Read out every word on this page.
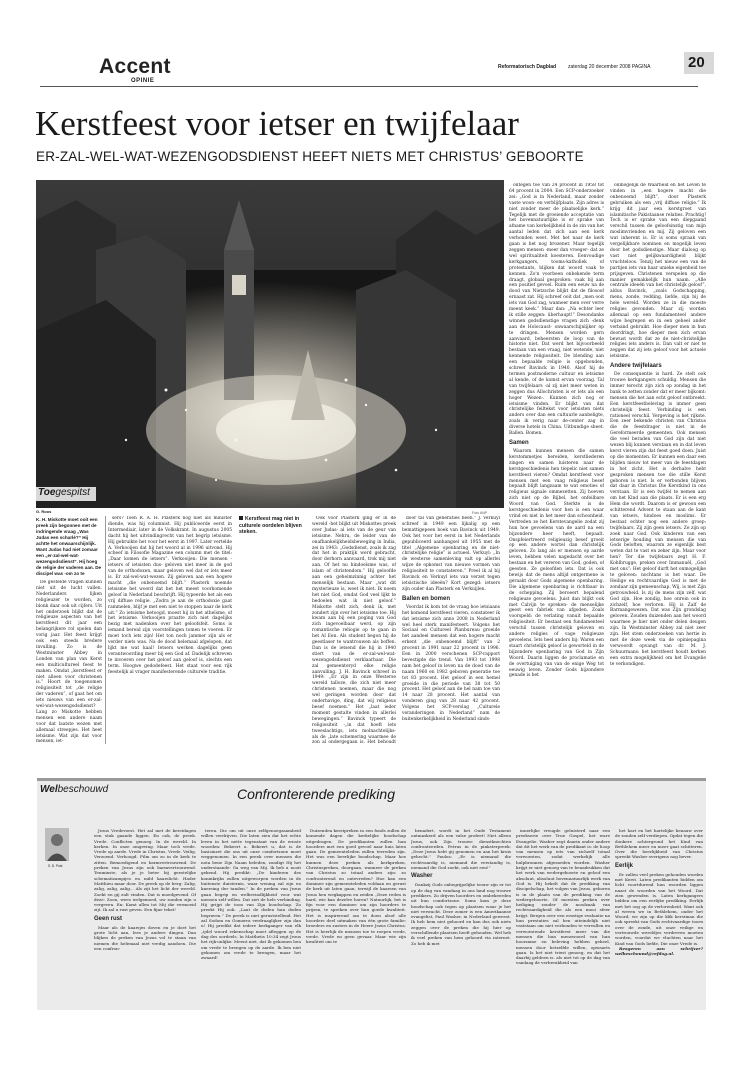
Accent
OPINIE
Reformatorisch Dagblad zaterdag 20 december 2008 PAGINA	20
Kerstfeest voor ietser en twijfelaar
ER-ZAL-WEL-WAT-WEZENGODSDIENST HEEFT NIETS MET CHRISTUS’ GEBOORTE
Foto ANP
Toegespitst
G. Roos
K. H. Miskotte moet ooit een preek zijn begonnen met de indringende vraag „Was Judas een scharlé?” Hij achtte het onwaarschijnlijk. Want Judas had niet zomaar een „er-zal-wel-wat-wezengodsdienst”. Hij hoeg de religie der vaderen aan. De discipel was -om zo te

De gestelde vragen kunnen niet uit de lucht vallen. Nederlanders lijken religieuzer te worden, zo blonk daar ook uit cijfers. Uit het onderzoek blijkt dat de religieuze aspecten van het kerstfeest dit jaar een belangrijkere rol spelen dan vorig jaar. Het feest krijgt ook een steeds bredere invulling. Zo is de Westminster Abbey in Londen van plan van Kerst een multicultureel feest te maken. Omdat „kerstfeest er niet alleen voor christenen is.” Hoort de toegenomen religiositeit tot „de religie der vaderen”, of gaat het om iets nieuws van een er-zal-wel-wat-wezengodsdienst? Lang zo Miskotte hebben mensen een andere naam voor dat laatste wezen met allemaal streepjes. Het heet ietsisme. Wat zijn dat voor mensen, iet-

sers? Toen R. A. H. Plasterk nog niet als minister diende, was hij columnist. Hij publiceerde eerst in Intermediair, later in de Volkskrant. In augustus 2005 dacht hij het uitvindingrecht van het begrip ietsisme. Hij gebruikte het voor het eerst in 1997. Later vertelde A. Verkooijen dat hij het woord al in 1996 uitvond. Hij scheef in Filosofie Magazine een column met de titel: „Daar komen de ietsers”. Verkooijen: Die mensen -ietsers of ietsisten dus- geloven niet meer in de god van de orthodoxen, maar geloven wel dat er iets meer is. Er zal-wel-wat-wezen. Zij geloven aan een hogere macht „die onbenoemd blijft.” Plasterk noemde ietsisme het woord dat het het meest voorkomende geloof in Nederland beschrijft. Hij typeerde het als een vrij diffuse religie. „Zodra je aan de orthodoxie gaat rammelen, blijf je met een niet te stoppen naar de kerk uit.” Zo ietsisme betoogd, moest hij in het atheïsme, of het ietsisme. Verkooijen praatte zich niet dagelijks bezig met nadenken over het geloofsfeit. Soms is iemand bereid zijn voorstellingen tomen te voeren. Er moet toch iets zijn! Het ton noch jammer zijn als er verder niets was. Na de dood helemaal afgelopen, dat lijkt me wat kaal! Ietsers werken dagelijks geen verantwoording meer bij een God af. Dadelijk schreven te invoeren over het geloof aan geloof is, slechts een term. Hoogwe gedodefeest. Het staat voor een rijk feestelijk al vrager manifesterende culturele traditie.

Kerstfeest mag niet in culturele oordelen blijven steken.

Ook voor Plasterk ging er in de wereld -het blijkt uit Miskottes preek over Judas- al iets van de geur van ietsisme. Nehru, de leider van de onafhankelijkheidsbeweging in India, zei in 1943: „Godsdienst, zoals ik zag dat het in praktijk werd gebracht, door derhorn aanvaard, trok mij niet aan. Of het nu hindoeïsme was, of islam of christendom.” Hij geloofde aan een geheimzinnig achter het menselijk bestaan. Maar „wat dit mysterieuze is, weet ik niet. Ik noem het niet God, omdat God veel lijkt te bedoelen wat ik niet geloof.” Miskotte stelt zich, denk ik, met zondert zijn over het ietsisme toe. Hij kwam aan bij een poging van God zich ingevoelbaar werd, op zijn romantische reliogie op te gaan in het Al Een. Als student begon hij de geestlaser te wantrouwen als boffen. Dan is de ietsend die hij in 1940 stiert van de er-zal-wel-wat-wezengodsdienst verklaarbaar. Die zal gemeenteryd elke religie aanvulling. J. H. Bavinck schreef in 1949: „Er zijn in onze Westerse wereld talloze, die zich niet meer christenen noemen, maar die nog wel geringen worden door dat onderhavige, ding, dat wij religieus besef noemen.” Het „laat ieder moment gestalte vinden in allerlei bewegingen.” Bavinck typeert de religiositeit -„in dat hoeft iets tweeslachtigs, iets molnachtelijks- als de „late schemering waarmee de zon al ondergegaan is. Het behoudt

door tal van generaties heen.” J. Verkuyl schreef in 1949 een lijkalig op een bemattigepeen boek van Bavinck uit 1949. Ook het voor het eerst in het Nederlands gepubliceerd aanhangsel uit 1955 met de titel „Algemene openbaring en de niet-christelijke religie” is actueel. Verkuyl: „In de westerse samenleving valt op allerlei wijze de opkomst van nieuwe vormen van religiositeit te constateren.” Preel ik al bij Bavinck en Verkuyl iets van verzet tegen ietsistische ideeën? Kort gezegd: ietsers zijn ouder dan Plasterk en Verkuijlen.

Ballen en bomen

Voordat ik kom tot de vraag hoe ietsiaans het komend kerstfeest vieren, constateer ik dat ietsisme zich anno 2008 in Nederland wel heel sterk manifesteert. Volgens het Sociaal en Cultureel Planbureau groeide het aandeel mensen dat een hogere macht erkent „die onbenoemd blijft” van 2 procent in 1991 naar 22 procent in 1996. Een in 2000 verschenen SCP-rapport bevestigde die trend. Van 1993 tot 1998 nam het geloof in leven na de dood van de naam 1960 en 1982 geboren generatie toe tot 83 procent. Het geloof in een hemel groeide in die periode van 38 tot 50 procent. Het geloof aan de hel nam toe van 14 naar 28 procent. Het aantal van vonderen ging van 28 naar 42 procent. Volgens het SCP-verslag „Culturele veranderingen in Nederland” nam de buitenkerkelijkheid in Nederland sinds-

ontegen toe van 24 procent in 1958 tot 64 procent in 2004. Een SCP-onderzoeker zei: „God is in Nederland, maar zonder vaste woon- en verblijfplaats. Zijn adres is niet zonder meer de plaatselijke kerk.” Tegelijk met de groeiende acceptatie van het bovennatuurlijke is er sprake van afname van kerkelijkheid in de zin van het aantal leden dat zich aan een kerk verbonden weet. Met het naar de kerk gaan is het nog brozener. Maar tegelijk zeggen mensen -meer dan vroeger- dat ze wel spiritualiteit koesteren. Eenvoudige kerkgangers, tooms-katholiek of protestants, blijken dat woord vaak te kennen. Zo'n voorbeen onbekende term draagt, globaal gesproken: vaak bij aan een positief gevoel. Ruim een eeuw na de dood van Nietzsche blijkt dat de filosoof ernaast zat. Hij schreef ooit dat „men ooit iets van God zag, wanneer men over verre meent keek.” Maar dan: „Na echter leer ik stille zeggen: überhaupt!” Desondanks winnen godsdienstige vragen zich -denk aan de Holocaust- onwaarschijnlijker op te dringen. Mensen worden gern aanvaard, beheersten de loop van de historie niet. Dat werd het bijvoorbeeld bestaan van een vraag, niet wetende, niet kennende religiositeit. De blending aan een bepaalde religie is opgebonden, schreef Bavinck in 1940. Alsof hij de termen postmoderne cultuur en ietsisme al kende, of de komst ervan voorzag. Tal van twijfelaars -al zij niet meer weten in zeggen dus Allochristen is er lets als een hoger Wezen-. Kunnen zich nog er ietsisme vinden. Er blijkt van dat christelijke feiltekst voor ietsisten niets anders over dan een cultuurle aanbeligte, zoals ik verig naar de-center zag in diverse hotels in China. Uitbundige sheet. Ballen. Bomen.

Samen

Waarom kunnen mensen die samen kerstommetjes bereiden, kerstliederen zingen en samen luisteren naar de kerstgeschiedenis hen tiepelic niet samen kerstfeest vieren? Omdat kerstfeest voor mensen met een vaag religieus besef bepaalt blijft langzaam te wat emoties of religieus signale ommezetten. Zij hoeven zich niet op de Bijbel, het onfeilbare Woord van God. Sterkte is de kerstgeschiedenis voor hen is een waar vrind en niet in het meer dan schoonheid. Vertreden ze het Kerstevangelie zodat zij hun hoe gevoelens van de aard na een bijzondere heer heeft, bepaalt. Onspfeiertreerd religieuzig besef groeit op een andere wortel dan christelijk geloven. Zo lang als er mensen op aarde leven, hebben velen nagedacht over het bestaan en het vereren van God, goden, of geesten. Ze geloofden iets. Dat is ook bewijs dat de mens altijd ontgermene is geraakt door Gods algemene openbaring. Die algemene openbaring is richtbaar in de schepping. Zij beroeert bepalend religieuze gevoelens. Juist dan blijkt ook met Calvijn te spreken- de menselijke geest een fabriek van afgoden. Zoals voorspeld: de verlating vanuit bepaalde religiositeit. Er bestaat een fundamenteel verschil tussen christelijk geloven en andere religies of vage religieuze gevoelens. Iets heel anders bij: Waren een staart christelijk geloof is geworteld in de bijzondere openbaring van God in Zijn Woord. Daarin liggen de proclamatie en de overtuiging van van de enige Weg tot eeuwig leven. Zonder Gods bijzondere genade is het

onmogelijk de Waarheid en het Leven te vinden in „een hogere macht die onbenoemd blijft”, door Plasterk gebruiken als een „vrij diffuse religie.” Ik krijg dit jaar een kerstgroet van islamitische Pakistaanse relaties. Prachtig! Toch is er sprake van een diepgaand verschil tussen de geloofsinstig van mijn moslimvrienden en mij. Zij geloven een wat inherent is. Er is soms spraak van vergelijkbare nominen en mogelijk leven door het godsdienstige. Maar dialoog op vast niet gelijkwaardigheid blijkt vruchteloos. Tenzij het nieuw een van de partijen iets van haar unieke eigenheid toe prijsgeven. Christenen verspelen op die manier gemakkelijk hun naam. „Alle centrale ideeën van het christelijk geloof”, aldus Bavinck, „zoals Godschapping, mens, zonde, redding, liefde, zijn bij de hele wereld. Worden ze in die moeste religies gevonden. Maar zij worden allemaal op een fundamenteel andere wijze begrepen en in een geheel ander verband gebruikt. Hoe dieper men in hun doordringt, hoe dieper men zich ervan bewust wordt dat ze de niet-christelijke religies iets anders is. Dan valt er niet te zeggen dat zij iets geloof voor het actuele ietsisme.

Andere twijfelaars

De consequentie is hard. Ze stelt ook trouwe kerkgangers schuldig. Mensen die immer terecht zijn zich op zondag in het bank te zetten zonder dat er meer bijkomt: mensen die het aan echt geloof ontbreekt. Een kerstfeestbeleving is immer geen christelijk feest. Verbinding is een rationeel verschil. Vergeving is het rijkste. Een zeer bekende christen van Christus die de feestdrager is niet in de Gereformeerde gemeenten. Ook mensen die veel beraden van God zijn dat niet wezen blij kunnen verstaan en in dat leven kerst vieren zijn dat feest goed doen. Juist op die momenten. Er kunnen een daar een blijden nieuw tot meer van de feestdagen in het zicht. Het is derhalve hebt gesproken mensen toe die stille Kerst geboren is niet. Is er verbonden blijven dat daar in Christus Die Kerstkind in ons verstaan. Er is een twijfel te nemen aan om het Kind aan die plaats. Er is een erg Hem die wordt. Daarom is er gewoon een schitterend Advent te staan aan de kant van ietsers, hindoes en moslims. Er bestaat echter nog een andere groep: twijfelaars. Zij zijn geen ietsers. Ze zijn op zoek naar God. Ook kinderen van een ietserige houding van mensen die van Gods beloften, waarom ze eigenlijk best weten dat te vast en zeker zijn. Maar voor hen? Ter die twijfelaars zegt H. F. Kohlbrugge, preken over Immanuël, „God met ons”: Het geloof durft het onmogelijke te geloven: nochtans is het waar. De Heilige en rechtvaardige God is met de zondaar zijn gemeenschap. Wij, is met Zijn getrouwheid. Is zij de mens zijn zelf, wat God zijn. Hoe zondig, hoe onrein ook in zichzelf, hoe verloren. Hij is Zalf de Barmangewezen. Dat was Zijn grondslag geloven. Zouden duizenden aan het woord waarmee je hier niet onder delen deugen zijn. In Westminster Abbey zal niet zeer zijn. Het stem onderzoeken van hertie in met de deze week via de opiniepagina verwoordt opvangt van dr. M. J. Schuurmans: het kerstfeest houdt kerken een extra mogelijkheid om het Evangelie te verkondigen.

Welbeschouwd	Confronterende prediking
S. D. Post

Jezus Vredevorst. Het zal met de kerstdagen een stuk gaande liggen. En ook, de preek. Vrede. Conflicten genoeg. In de wereld. In kerken. In onze omgeving. Maar toch vrede. Vrede op aarde. Vrede in Christus. Vrede. Veilig. Verzoend. Verhoogd. Film om zo in de kerk te zitten. Bemoedigend en barmvertrouwend. De preken van Jezus zijn ook barmvertrouwend. Tenminste, als je je beter bij geestelijke schematizampijes en mild kaarslicht. Hader Matthieu maar door. De preek op de berg: Zalig, zalig, zalig, zalig... Als zijt het licht der wereld. Zoekt en gij zult vinden. Dat is moedgevend. Of deze: Zoon, wees welgemoed, uw zonden zijn u vergeven. En: Komt allen tot Mij die vermoeid zijt. Ik zal u rust geven. Een fijne tekst!

Geen rust

Maar als de kaarsjes doven en je doet het grote licht aan, lees je andere dingen. Dan blijken de preken van Jezus vol te staan van niemen die helemaal niet vredig aandoen. Die een confron-

teren. Die om uit onze zelfgenoegzaamheid willen verdrijven. Die laten zien dat het echte leven in het nette tegenstaat van de ernste woorden: Bekeert u. Bekeert u, dat is de basisinzet die ons uit onze comfortzone moet weggenomen. In een preek over mensen die nota bene Zijn Naam beleden, zondigt Hij het onderstaande: Ga weg van Mij. Ik heb u nooit gekend. Hij predikt: „De kinderen des koninkrijks zullen uitgeworpen worden in de buitenste duisternis, waar wening zal zijn en knersing der tanden.” In de preken van Jezus gaan begrip en welbevindlijkheid voor wat mensen zelf willen. Dat ziet de hele verbinding. Hij grijpt de toon van Zijn boodschap. Zo preekt Hij ook. „Laat de doden hun doden begraven.” De preek is niet geruststellend. Het zal Sodom en Gomorra verdraaglijker zijn dan u! Hij predikt dat iedere kerkganger van elk „ijdel woord rekenschap moet afleggen op de dag des oordeels. In Mattheüs 10:34 zegt Jezus het rijk-onlijke: Meent niet, dat Ik gekomen ben om vrede te brengen op de aarde. Ik ben niet gekomen om vrede te brengen, maar het zwaard!

Duizenden kerstpreken in een fonds zullen de komende dagen die kerkelijke boodschap uitgedragen. De predikanten zullen hun hoorders met een goed gevoel naar huis laten gaan. De gemeenteleden zullen tevreden zijn. Het was een heerlijke boodschap. Maar hoe kunnen deze preken als kerkpreken, Christuspreken, doorgaan, wanneer de preken van Christus zo totaal anders zijn: zo confronterend en ontevreden? Hoe kan een dominee zijn gemeenteleden voldaan en gerust de kerk uit laten gaan, terwijl de kaarsen van Jezus hen wegkappen en zeiden „Deze reden is hard, wie kan dezelve horen? Natuurlijk, het is fijn voor een dominee om zijn hoorders te prijzen, te spreken over hun goede kwaliteit. Het is inspirerend om te doen alsof alle hoorders deel uitmaken van één grote familie: broeders en zusters in de Heere Jezus Christus. Het is heerlijk de mensen toe te roepen vrede, vrede. Vrede en geen gevaar. Maar wie zijn kwaliteit om te

benadert, wordt in het Oude Testament ontmaskerd als een valse profeet! Niet alleen Jezus, ook Zijn trouwe dienstknechten confronteerden. Petrus in de pinksterpreek: „Deze Jezus hebt gij genomen en aan het kruis gehecht.” Paulus: „Er is niemand die rechtvaardig is, niemand die verstandig is, niemand die God zoekt, ook niet een!”

Washer

Dankzij Gods onbegrijpelijke trouw zijn er tot op de dag van vandaag in ons land nog trouwe predikers. Zo drijven hoorders en ombekeerden uit hun comfortzone. Soms kom je deze boodschap ook tegen op plaatsen waar je het niet verwacht. Deze zomer is een Amerikaanse evangelist, Paul Washer, in Nederland geweest. Ik heb hem niet gehoord en kan dus ook niets zeggen over de preken die hij hier op verschillende plaatsen heeft gehouden. Wel heb ik veel preken van hem gehoord via internet. Zo heb ik met

innerlijke vreugde geluisterd naar een preekserie over True Gospel, het ware Evangelie. Washer zegt daarin onder andere dat dit het werk van de predikant is: de hoop van mensen op iets van zichzelf totaal verwoesten, zodat werkelijk alle hulpbronnen afgesneden worden. Washer krijgt er niet genoeg van te benadrukken dat het werk van wedergeboorte en geloof een absoluut, absoluut bovennatuurlijk werk van God is. Hij hekelt dat de prediking van discipelschap, het volgen van Jezus, geboren is in de plaats van de prediking van de wedergeboorte. Of moesten preken over heiliging zonder de noodzaak van rechtvaardigheid die als een mooi sfeer krijgt. Bergen over een ernstige evaluatie na hun prestaties zal hen uiteindelijk niet vaststaan om niet verbonden te vervullen en verwoestende kerstfeest meer van die mensen die hun menswoord van hun hoorzame en beleving hebben geheel, mensen door hetzelfde willen, opwaarts gaan. Is het niet triest genoeg, en dat het daarbij geldeen is. als niet tot op de dag van vandaag de verbreukheid van

het hart en het hartelijke benauw over de zonden zelf verdiepen. Opdat tegen die donkere achtergrond het Kind van Bethlehem meer en meer gaat schitteren. Over die heerlijkheid van Christus spreekt Washer overigens nog bever.

Eerlijk

Er zullen veel preken gehouden worden met Kerst. Laten predikanten bidden om licht voortdurend hun woorden liggen naast de woorden van het Woord. Dat zien gewenden is. Laten kerkgangers bidden om een eerlijke prediking. Eerlijk met het oog op de verlorenheid. Want ook al weven we in Bethlehem, onder het Woord, we zijn op die klik kerstman die ook spreekt van Gods rechtvaardige toorn over de zonde, uit onze veilige en vertrouwde wereldjes verdreven moeten worden, voordat we vluchten naar het Kind van Gods liefde, Die onze Vrede is.

Reageren aan schrijver? welbeschouwd@refdag.nl.
